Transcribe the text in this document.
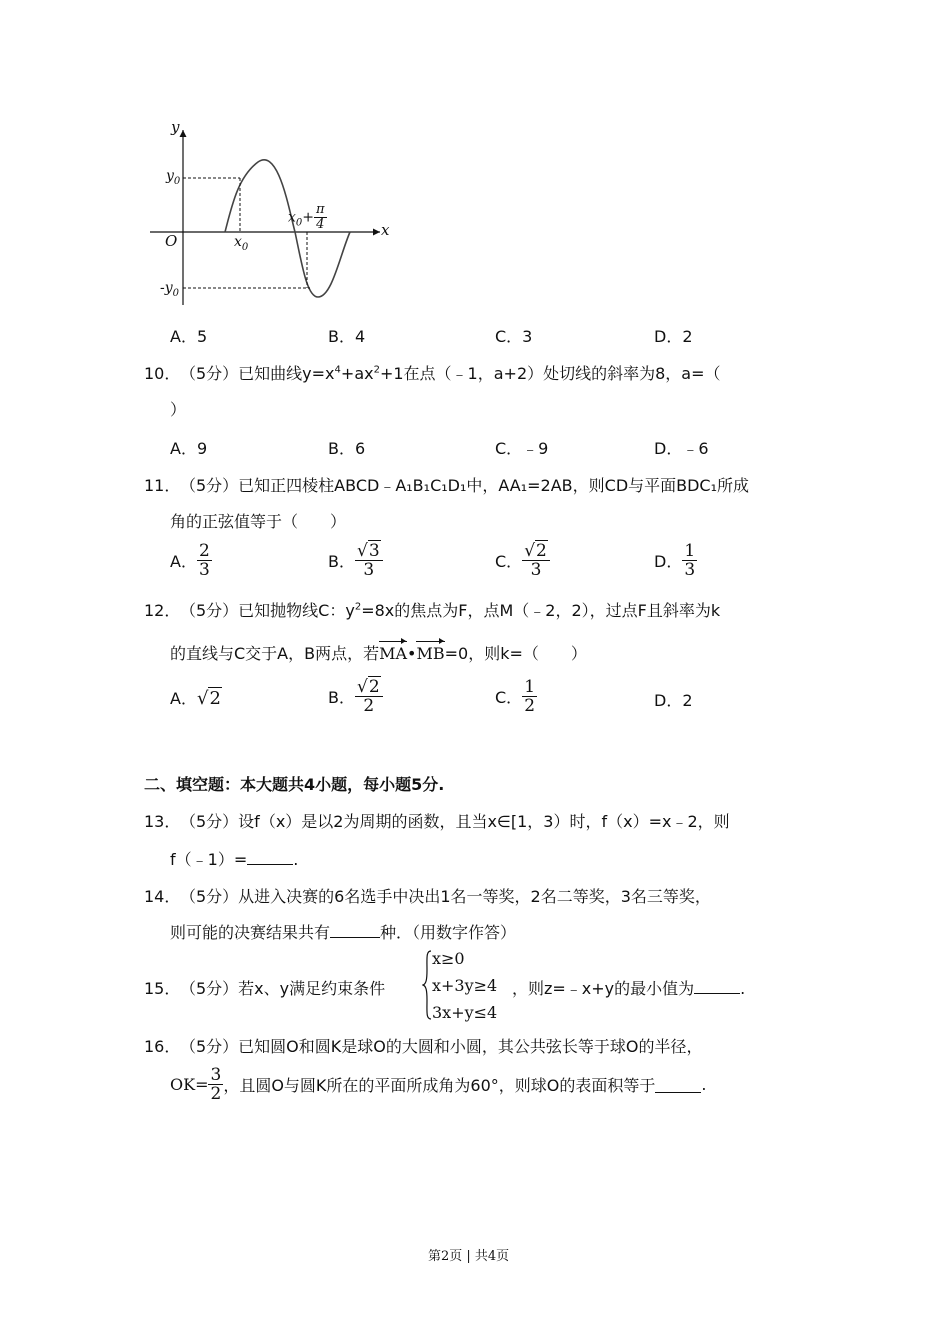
y
x
O
$y_0$
$-y_0$
$x_0$
$x_0+ \frac{\pi}{4}$
A．5	B．4	C．3	D．2
10． （5分）已知曲线$y=x^4+ax^2+1$在点（﹣1，a+2）处切线的斜率为8，a=（
）
A．9	B．6	C．﹣9	D．﹣6
11． （5分）已知正四棱柱ABCD﹣A₁B₁C₁D₁中，AA₁=2AB，则CD与平面BDC₁所成
角的正弦值等于（　　）
A． $\frac{2}{3}$	B． $\frac{√3}{3}$	C． $\frac{√2}{3}$	D． $\frac{1}{3}$
12． （5分）已知抛物线C：$y^2=8x$的焦点为F，点M（﹣2，2），过点F且斜率为k
的直线与C交于A，B两点，若MA•MB=0，则k=（　　）
A．√2	B． $\frac{√2}{2}$	C． $\frac{1}{2}$	D．2
二、填空题：本大题共4小题，每小题5分.
13． （5分）设f（x）是以2为周期的函数，且当x∈[1，3）时，f（x）=x﹣2，则
f（﹣1）=	.
14． （5分）从进入决赛的6名选手中决出1名一等奖，2名二等奖，3名三等奖，
则可能的决赛结果共有	种．（用数字作答）
15． （5分）若x、y满足约束条件
x≥0
x+3y≥4
3x+y≤4
，则z=﹣x+y的最小值为	.
16． （5分）已知圆O和圆K是球O的大圆和小圆，其公共弦长等于球O的半径，
$OK= \frac{3}{2}$ ，且圆O与圆K所在的平面所成角为60°，则球O的表面积等于	.
第2页 | 共4页
